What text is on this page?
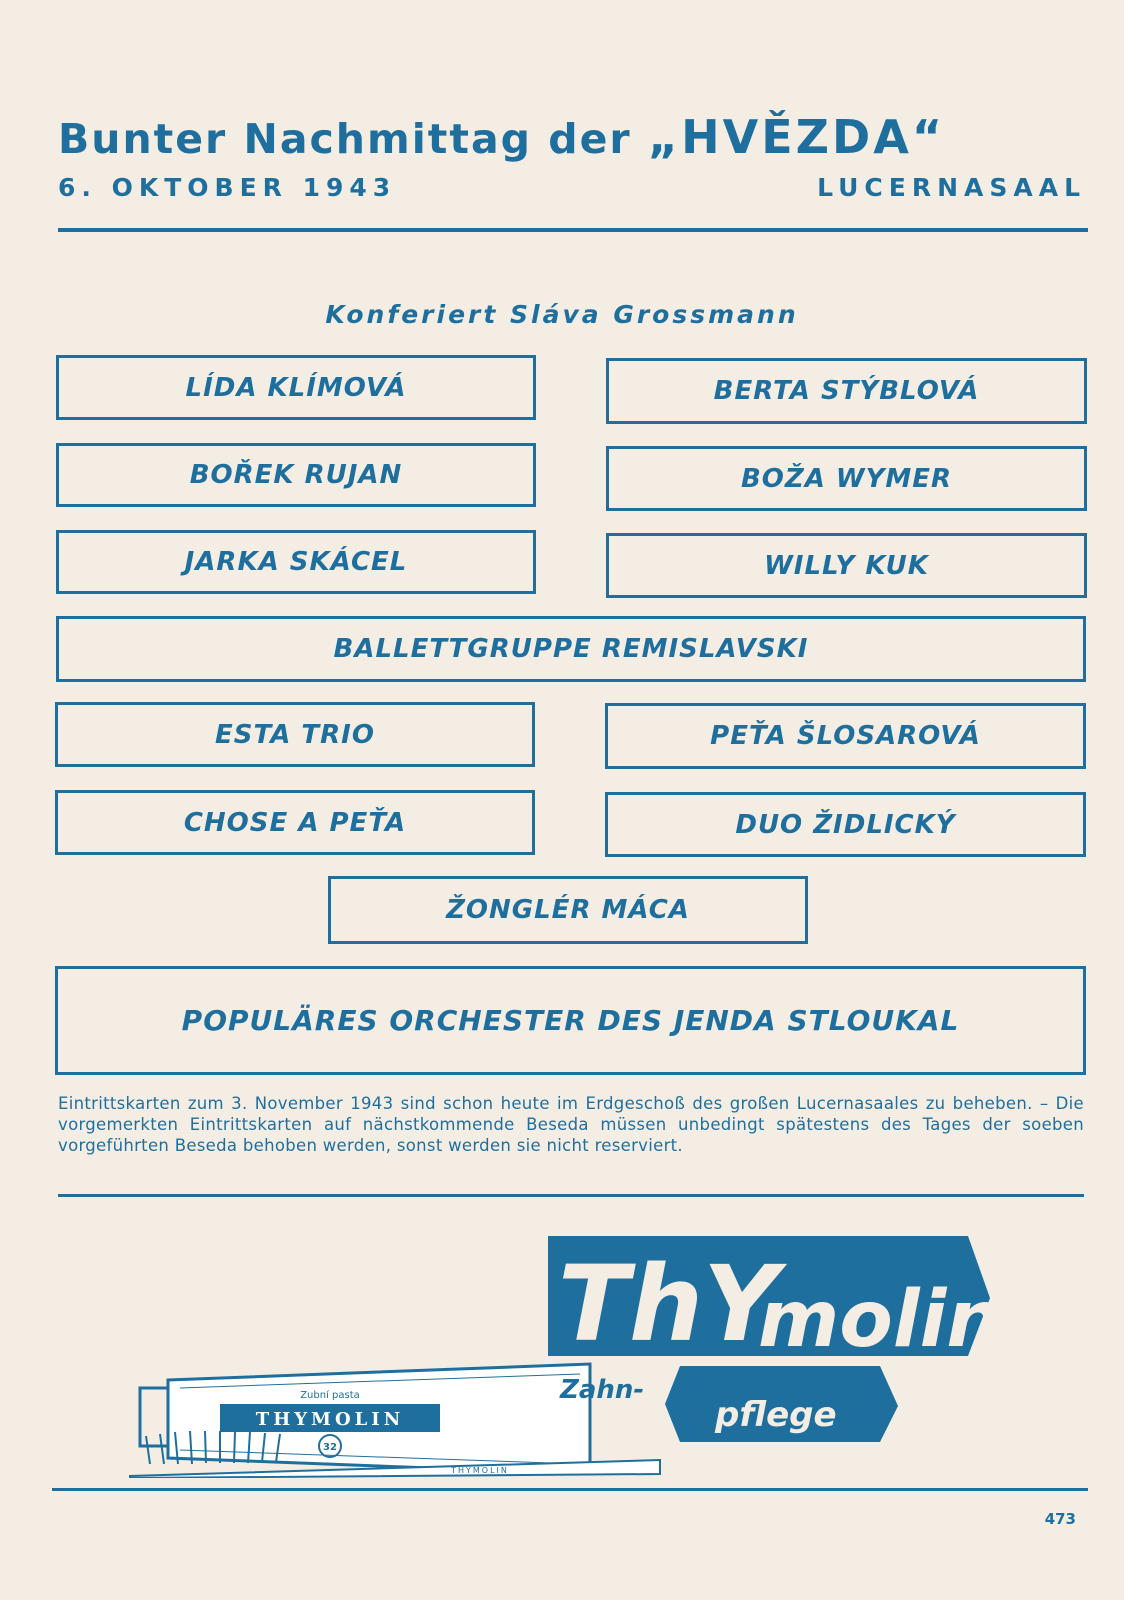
Bunter Nachmittag der „HVĚZDA“
6. OKTOBER 1943	LUCERNASAAL
Konferiert Sláva Grossmann
LÍDA KLÍMOVÁ	BERTA STÝBLOVÁ
BOŘEK RUJAN	BOŽA WYMER
JARKA SKÁCEL	WILLY KUK
BALLETTGRUPPE REMISLAVSKI
ESTA TRIO	PEŤA ŠLOSAROVÁ
CHOSE A PEŤA	DUO ŽIDLICKÝ
ŽONGLÉR MÁCA
POPULÄRES ORCHESTER DES JENDA STLOUKAL
Eintrittskarten zum 3. November 1943 sind schon heute im Erdgeschoß des großen Lucernasaales zu beheben. – Die vorgemerkten Eintrittskarten auf nächstkommende Beseda müssen unbedingt spätestens des Tages der soeben vorgeführten Beseda behoben werden, sonst werden sie nicht reserviert.
THYMOLIN
Zubní pasta
32
THYMOLIN
ThY
molin
Zahn-
pflege
473
